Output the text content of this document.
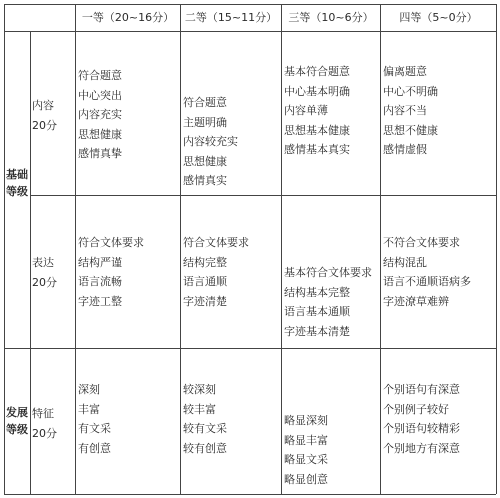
一等（20~16分） 二等（15~11分）	三等（10~6分）	四等（5~0分）
基础
等级
发展
等级
内容
20分
表达
20分
特征
20分
符合题意
中心突出
内容充实
思想健康
感情真挚
符合题意
主题明确
内容较充实
思想健康
感情真实
基本符合题意
中心基本明确
内容单薄
思想基本健康
感情基本真实
偏离题意
中心不明确
内容不当
思想不健康
感情虚假
符合文体要求
结构严谨
语言流畅
字迹工整
符合文体要求
结构完整
语言通顺
字迹清楚
基本符合文体要求
结构基本完整
语言基本通顺
字迹基本清楚
不符合文体要求
结构混乱
语言不通顺语病多
字迹潦草难辨
深刻
丰富
有文采
有创意
较深刻
较丰富
较有文采
较有创意
略显深刻
略显丰富
略显文采
略显创意
个别语句有深意
个别例子较好
个别语句较精彩
个别地方有深意
